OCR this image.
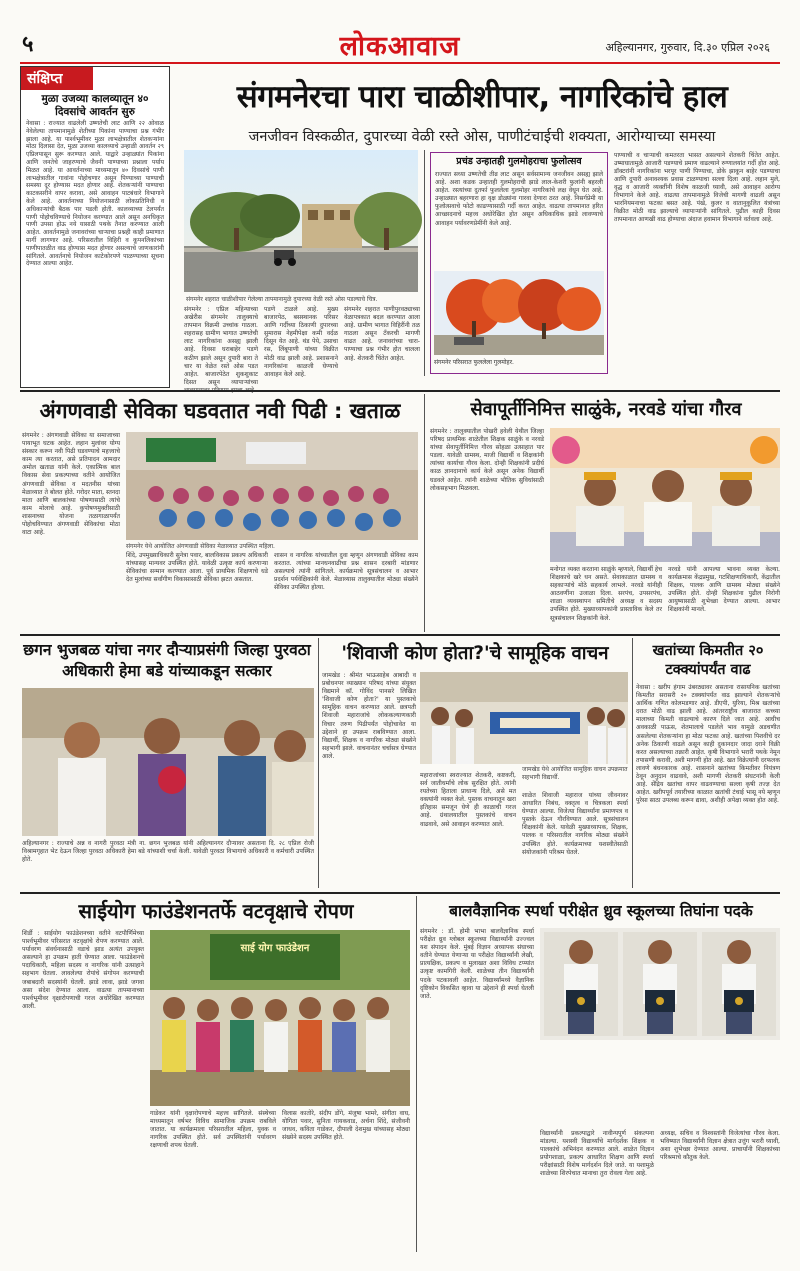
५	लोकआवाज	अहिल्यानगर, गुरुवार, दि.३० एप्रिल २०२६
संक्षिप्त
मुळा उजव्या कालव्यातून ४० दिवसांचे आवर्तन सुरु
नेवासा : राज्यात वाढलेली उष्णतेची लाट आणि २२ ओवाळ नेवेलेल्या तापमानामुळे शेतीच्या पिकांना पाण्याचा प्रश्न गंभीर झाला आहे. या पार्श्वभूमीवर मुळा लाभक्षेत्रातील शेतकऱ्यांना मोठा दिलासा देत, मुळा उजव्या कालव्याचे उन्हाळी आवर्तन २९ एप्रिलपासून सुरू करण्यात आले. याद्वारे उन्हाळ्यांत पिकांना आणि जनतेचे जाहरण्याचे जैवनी पाण्याच्या प्रश्नाला पर्याय मिळत आहे. या आवर्तनाच्या माध्यमातून ४० दिवसांचे पाणी लाभक्षेत्रातील गावांना पोहोचणार असून पिण्याच्या पाण्याची समस्या दूर होण्यास मदत होणार आहे. शेतकऱ्यांनी पाण्याचा काटकसरीने वापर करावा, असे आवाहन पाटबंधारे विभागाने केले आहे. आवर्तनाच्या नियोजनासाठी लोकप्रतिनिधी व अधिकाऱ्यांची बैठक पार पडली होती. कालव्याच्या टेलपर्यंत पाणी पोहोचविण्याचे नियोजन करण्यात आले असून अनधिकृत पाणी उपसा होऊ नये यासाठी पथके तैनात करण्यात आली आहेत. आवर्तनामुळे जनावरांच्या चाऱ्याचा प्रश्नही काही प्रमाणात मार्गी लागणार आहे. परिसरातील विहिरी व कूपनलिकांच्या पाणीपातळीत वाढ होण्यास मदत होणार असल्याचे जाणकारांनी सांगितले. आवर्तनाचे नियोजन काटेकोरपणे पाळण्याच्या सूचना देण्यात आल्या आहेत.
संगमनेरचा पारा चाळीशीपार, नागरिकांचे हाल
जनजीवन विस्कळीत, दुपारच्या वेळी रस्ते ओस, पाणीटंचाईची शक्यता, आरोग्याच्या समस्या
प्रचंड उन्हातही गुलमोहराचा फुलोत्सव
राज्यात सध्या उष्णतेची तीव्र लाट असून सर्वसामान्य जनजीवन असह्य झाले आहे. अशा कडक उन्हातही गुलमोहराची झाडे लाल-केशरी फुलांनी बहरली आहेत. रस्त्यांच्या दुतर्फा फुललेला गुलमोहर नागरिकांचे लक्ष वेधून घेत आहे. उन्हाळ्यात बहरणारा हा वृक्ष डोळ्यांना गारवा देणारा ठरत आहे. निसर्गप्रेमी या फुलोत्सवाचे फोटो काढण्यासाठी गर्दी करत आहेत. वाढत्या तापमानात हरित आच्छादनाचे महत्त्व अधोरेखित होत असून अधिकाधिक झाडे लावण्याचे आवाहन पर्यावरणप्रेमींनी केले आहे.
संगमनेर परिसरात फुललेला गुलमोहर.
पाण्याची व चाऱ्याची कमतरता भासत असल्याने शेतकरी चिंतेत आहेत. उष्माघातामुळे आजारी पडण्याचे प्रमाण वाढल्याने रुग्णालयांत गर्दी होत आहे. डॉक्टरांनी नागरिकांना भरपूर पाणी पिण्याचा, डोके झाकून बाहेर पडण्याचा आणि दुपारी अनावश्यक प्रवास टाळण्याचा सल्ला दिला आहे. लहान मुले, वृद्ध व आजारी व्यक्तींनी विशेष काळजी घ्यावी, असे आवाहन आरोग्य विभागाने केले आहे. वाढत्या तापमानामुळे विजेची मागणी वाढली असून भारनियमनाचा फटका बसत आहे. पंखे, कुलर व वातानुकूलित यंत्रांच्या विक्रीत मोठी वाढ झाल्याचे व्यापाऱ्यांनी सांगितले. पुढील काही दिवस तापमानात आणखी वाढ होण्याचा अंदाज हवामान विभागाने वर्तवला आहे.
संगमनेर शहरात चाळीशीपार गेलेल्या तापमानामुळे दुपारच्या वेळी रस्ते ओस पडल्याचे चित्र.
संगमनेर : एप्रिल महिन्याच्या अखेरीस संगमनेर तालुक्याचे तापमान विक्रमी उच्चांक गाठला. शहरासह ग्रामीण भागात उष्णतेची लाट नागरिकांना असह्य झाली आहे. दिवसा घराबाहेर पडणे कठीण झाले असून दुपारी बारा ते चार या वेळेत रस्ते ओस पडत आहेत. बाजारपेठेत शुकशुकाट दिसत असून व्यापाऱ्यांच्या
पडणे टाळले आहे. मुख्य बाजारपेठ, बसस्थानक परिसर आणि गर्दीच्या ठिकाणी दुपारच्या सुमारास नेहमीपेक्षा कमी वर्दळ दिसून येत आहे. थंड पेये, उसाचा रस, लिंबूपाणी यांच्या विक्रीत मोठी वाढ झाली आहे. प्रशासनाने नागरिकांना काळजी घेण्याचे आवाहन केले आहे.
संगमनेर शहरात पाणीपुरवठ्याच्या वेळापत्रकात बदल करण्यात आला आहे. ग्रामीण भागात विहिरींनी तळ गाठला असून टँकरची मागणी वाढत आहे. जनावरांच्या चारा-पाण्याचा प्रश्न गंभीर होत चालला आहे. शेतकरी चिंतेत आहेत.
अंगणवाडी सेविका घडवतात नवी पिढी : खताळ
संगमनेर : अंगणवाडी सेविका या समाजाच्या पायाभूत घटक आहेत. लहान मुलांवर योग्य संस्कार करून नवी पिढी घडवण्याचे महत्त्वाचे काम त्या करतात, असे प्रतिपादन आमदार अमोल खताळ यांनी केले. एकात्मिक बाल विकास सेवा प्रकल्पाच्या वतीने आयोजित अंगणवाडी सेविका व मदतनीस यांच्या मेळाव्यात ते बोलत होते. गरोदर माता, स्तनदा माता आणि बालकांच्या पोषणासाठी त्यांचे काम मोलाचे आहे. कुपोषणमुक्तीसाठी शासनाच्या योजना तळागाळापर्यंत पोहोचविण्यात अंगणवाडी सेविकांचा मोठा वाटा आहे.
संगमनेर येथे आयोजित अंगणवाडी सेविका मेळाव्यात उपस्थित महिला.
शिंदे, उपमुख्याधिकारी सुनेत्रा पवार, बालविकास प्रकल्प अधिकारी यांच्यासह मान्यवर उपस्थित होते. यावेळी उत्कृष्ट कार्य करणाऱ्या सेविकांचा सन्मान करण्यात आला. पूर्व प्राथमिक शिक्षणाचे धडे देत मुलांच्या सर्वांगीण विकासासाठी सेविका झटत असतात.
शासन व नागरिक यांच्यातील दुवा म्हणून अंगणवाडी सेविका काम करतात. त्यांच्या मानधनवाढीचा प्रश्न शासन दरबारी मांडणार असल्याचे त्यांनी सांगितले. कार्यक्रमाचे सूत्रसंचालन व आभार प्रदर्शन पर्यवेक्षिकांनी केले. मेळाव्यास तालुक्यातील मोठ्या संख्येने सेविका उपस्थित होत्या.
सेवापूर्तीनिमित्त साळुंके, नरवडे यांचा गौरव
संगमनेर : तालुक्यातील पोखरी हवेली येथील जिल्हा परिषद प्राथमिक शाळेतील शिक्षक साळुंके व नरवडे यांच्या सेवापूर्तीनिमित्त गौरव सोहळा उत्साहात पार पडला. यावेळी ग्रामस्थ, माजी विद्यार्थी व शिक्षकांनी त्यांच्या कार्याचा गौरव केला. दोन्ही शिक्षकांनी प्रदीर्घ काळ ज्ञानदानाचे कार्य केले असून अनेक विद्यार्थी घडवले आहेत. त्यांनी शाळेच्या भौतिक सुविधांसाठी लोकसहभाग मिळवला.
मनोगत व्यक्त करताना साळुंके म्हणाले, विद्यार्थी हेच शिक्षकाचे खरे धन असते. सेवाकाळात ग्रामस्थ व सहकाऱ्यांचे मोठे सहकार्य लाभले. नरवडे यांनीही आठवणींना उजाळा दिला. सरपंच, उपसरपंच, शाळा व्यवस्थापन समितीचे अध्यक्ष व सदस्य उपस्थित होते. मुख्याध्यापकांनी प्रास्ताविक केले तर सूत्रसंचालन शिक्षकांनी केले.
नरवडे यांनी आपल्या भावना व्यक्त केल्या. कार्यक्रमास केंद्रप्रमुख, गटशिक्षणाधिकारी, केंद्रातील शिक्षक, पालक आणि ग्रामस्थ मोठ्या संख्येने उपस्थित होते. दोन्ही शिक्षकांना पुढील निरोगी आयुष्यासाठी शुभेच्छा देण्यात आल्या. आभार शिक्षकांनी मानले.
छगन भुजबळ यांचा नगर दौऱ्याप्रसंगी जिल्हा पुरवठा अधिकारी हेमा बडे यांच्याकडून सत्कार
अहिल्यानगर : राज्याचे अन्न व नागरी पुरवठा मंत्री ना. छगन भुजबळ यांनी अहिल्यानगर दौऱ्यावर असताना दि. २८ एप्रिल रोजी विश्रामगृहात भेट देऊन जिल्हा पुरवठा अधिकारी हेमा बडे यांच्याशी चर्चा केली. यावेळी पुरवठा विभागाचे अधिकारी व कर्मचारी उपस्थित होते.
'शिवाजी कोण होता?'चे सामूहिक वाचन
जामखेड : श्रीमंत भाऊसाहेब आबादी व प्रबोधनपर व्याख्यान परिषद यांच्या संयुक्त विद्यमाने कॉ. गोविंद पानसरे लिखित 'शिवाजी कोण होता?' या पुस्तकाचे सामूहिक वाचन करण्यात आले. छत्रपती शिवाजी महाराजांचे लोककल्याणकारी विचार तरुण पिढीपर्यंत पोहोचावेत या उद्देशाने हा उपक्रम राबविण्यात आला. विद्यार्थी, शिक्षक व नागरिक मोठ्या संख्येने सहभागी झाले. वाचनानंतर चर्चासत्र घेण्यात आले.
महाराजांच्या स्वराज्यात शेतकरी, कष्टकरी, सर्व जातीधर्मांचे लोक सुरक्षित होते. त्यांनी रयतेच्या हिताला प्राधान्य दिले, असे मत वक्त्यांनी व्यक्त केले. पुस्तक वाचनातून खरा इतिहास समजून घेणे ही काळाची गरज आहे. ग्रंथालयातील पुस्तकांचे वाचन वाढवावे, असे आवाहन करण्यात आले.
जामखेड येथे आयोजित सामूहिक वाचन उपक्रमात सहभागी विद्यार्थी.
शाळेत शिवाजी महाराज यांच्या जीवनावर आधारित निबंध, वक्तृत्व व चित्रकला स्पर्धा घेण्यात आल्या. विजेत्या विद्यार्थ्यांना प्रमाणपत्र व पुस्तके देऊन गौरविण्यात आले. सूत्रसंचालन शिक्षकांनी केले. यावेळी मुख्याध्यापक, शिक्षक, पालक व परिसरातील नागरिक मोठ्या संख्येने उपस्थित होते. कार्यक्रमाच्या यशस्वीतेसाठी संयोजकांनी परिश्रम घेतले.
खतांच्या किमतीत २० टक्क्यांपर्यंत वाढ
नेवासा : खरीप हंगाम उंबरठ्यावर असताना रासायनिक खतांच्या किमतीत सरासरी २० टक्क्यांपर्यंत वाढ झाल्याने शेतकऱ्यांचे आर्थिक गणित कोलमडणार आहे. डीएपी, युरिया, मिश्र खतांच्या दरात मोठी वाढ झाली आहे. आंतरराष्ट्रीय बाजारात कच्च्या मालाच्या किमती वाढल्याचे कारण दिले जात आहे. आधीच अवकाळी पाऊस, शेतमालाचे पडलेले भाव यामुळे अडचणीत असलेल्या शेतकऱ्यांना हा मोठा फटका आहे. खतांच्या पिशवीचे दर अनेक ठिकाणी वाढले असून काही दुकानदार जादा दराने विक्री करत असल्याच्या तक्रारी आहेत. कृषी विभागाने भरारी पथके नेमून तपासणी करावी, अशी मागणी होत आहे. खत विक्रेत्यांनी दरफलक लावणे बंधनकारक आहे. शासनाने खतांच्या किमतीवर नियंत्रण ठेवून अनुदान वाढवावे, अशी मागणी शेतकरी संघटनांनी केली आहे. सेंद्रिय खतांचा वापर वाढवण्याचा सल्ला कृषी तज्ज्ञ देत आहेत. खरीपपूर्व तयारीच्या काळात खतांची टंचाई भासू नये म्हणून पुरेसा साठा उपलब्ध करून द्यावा, अशीही अपेक्षा व्यक्त होत आहे.
साईयोग फाउंडेशनतर्फे वटवृक्षाचे रोपण
शिर्डी : साईयोग फाउंडेशनच्या वतीने वटपौर्णिमेच्या पार्श्वभूमीवर परिसरात वटवृक्षांचे रोपण करण्यात आले. पर्यावरण संवर्धनासाठी वडाचे झाड अत्यंत उपयुक्त असल्याने हा उपक्रम हाती घेण्यात आला. फाउंडेशनचे पदाधिकारी, महिला सदस्य व नागरिक यांनी उत्साहाने सहभाग घेतला. लावलेल्या रोपांचे संगोपन करण्याची जबाबदारी सदस्यांनी घेतली. झाडे लावा, झाडे जगवा असा संदेश देण्यात आला. वाढत्या तापमानाच्या पार्श्वभूमीवर वृक्षारोपणाची गरज अधोरेखित करण्यात आली.
साई योग फाउंडेशन
गाडेकर यांनी वृक्षारोपणाचे महत्त्व सांगितले. संस्थेच्या माध्यमातून वर्षभर विविध सामाजिक उपक्रम राबविले जातात. या कार्यक्रमाला परिसरातील महिला, युवक व नागरिक उपस्थित होते. सर्व उपस्थितांनी पर्यावरण रक्षणाची शपथ घेतली.
विलास कातोरे, संदीप डोंगे, मंजुषा भामरे, संगीता वाघ, योगिता पवार, सुनिता गायकवाड, अर्चना शिंदे, संजीवनी जाधव, कविता गाडेकर, दीपाली देशमुख यांच्यासह मोठ्या संख्येने सदस्य उपस्थित होते.
बालवैज्ञानिक स्पर्धा परीक्षेत ध्रुव स्कूलच्या तिघांना पदके
संगमनेर : डॉ. होमी भाभा बालवैज्ञानिक स्पर्धा परीक्षेत ध्रुव ग्लोबल स्कूलच्या विद्यार्थ्यांनी उज्ज्वल यश संपादन केले. मुंबई विज्ञान अध्यापक संघाच्या वतीने घेण्यात येणाऱ्या या परीक्षेत विद्यार्थ्यांनी लेखी, प्रात्यक्षिक, प्रकल्प व मुलाखत अशा विविध टप्प्यांत उत्कृष्ट कामगिरी केली. शाळेच्या तीन विद्यार्थ्यांनी पदके पटकावली आहेत. विद्यार्थ्यांमध्ये वैज्ञानिक दृष्टिकोन विकसित व्हावा या उद्देशाने ही स्पर्धा घेतली जाते.
विद्यार्थ्यांनी प्रकल्पाद्वारे नावीन्यपूर्ण संकल्पना मांडल्या. यशस्वी विद्यार्थ्यांचे मार्गदर्शक शिक्षक व पालकांचे अभिनंदन करण्यात आले. शाळेत विज्ञान प्रयोगशाळा, प्रकल्प आधारित शिक्षण आणि स्पर्धा परीक्षांसाठी विशेष मार्गदर्शन दिले जाते. या यशामुळे शाळेच्या शिरपेचात मानाचा तुरा रोवला गेला आहे.
अध्यक्ष, सचिव व विश्वस्तांनी विजेत्यांचा गौरव केला. भविष्यात विद्यार्थ्यांनी विज्ञान क्षेत्रात उत्तुंग भरारी घ्यावी, अशा शुभेच्छा देण्यात आल्या. प्राचार्यांनी शिक्षकांच्या परिश्रमाचे कौतुक केले.
